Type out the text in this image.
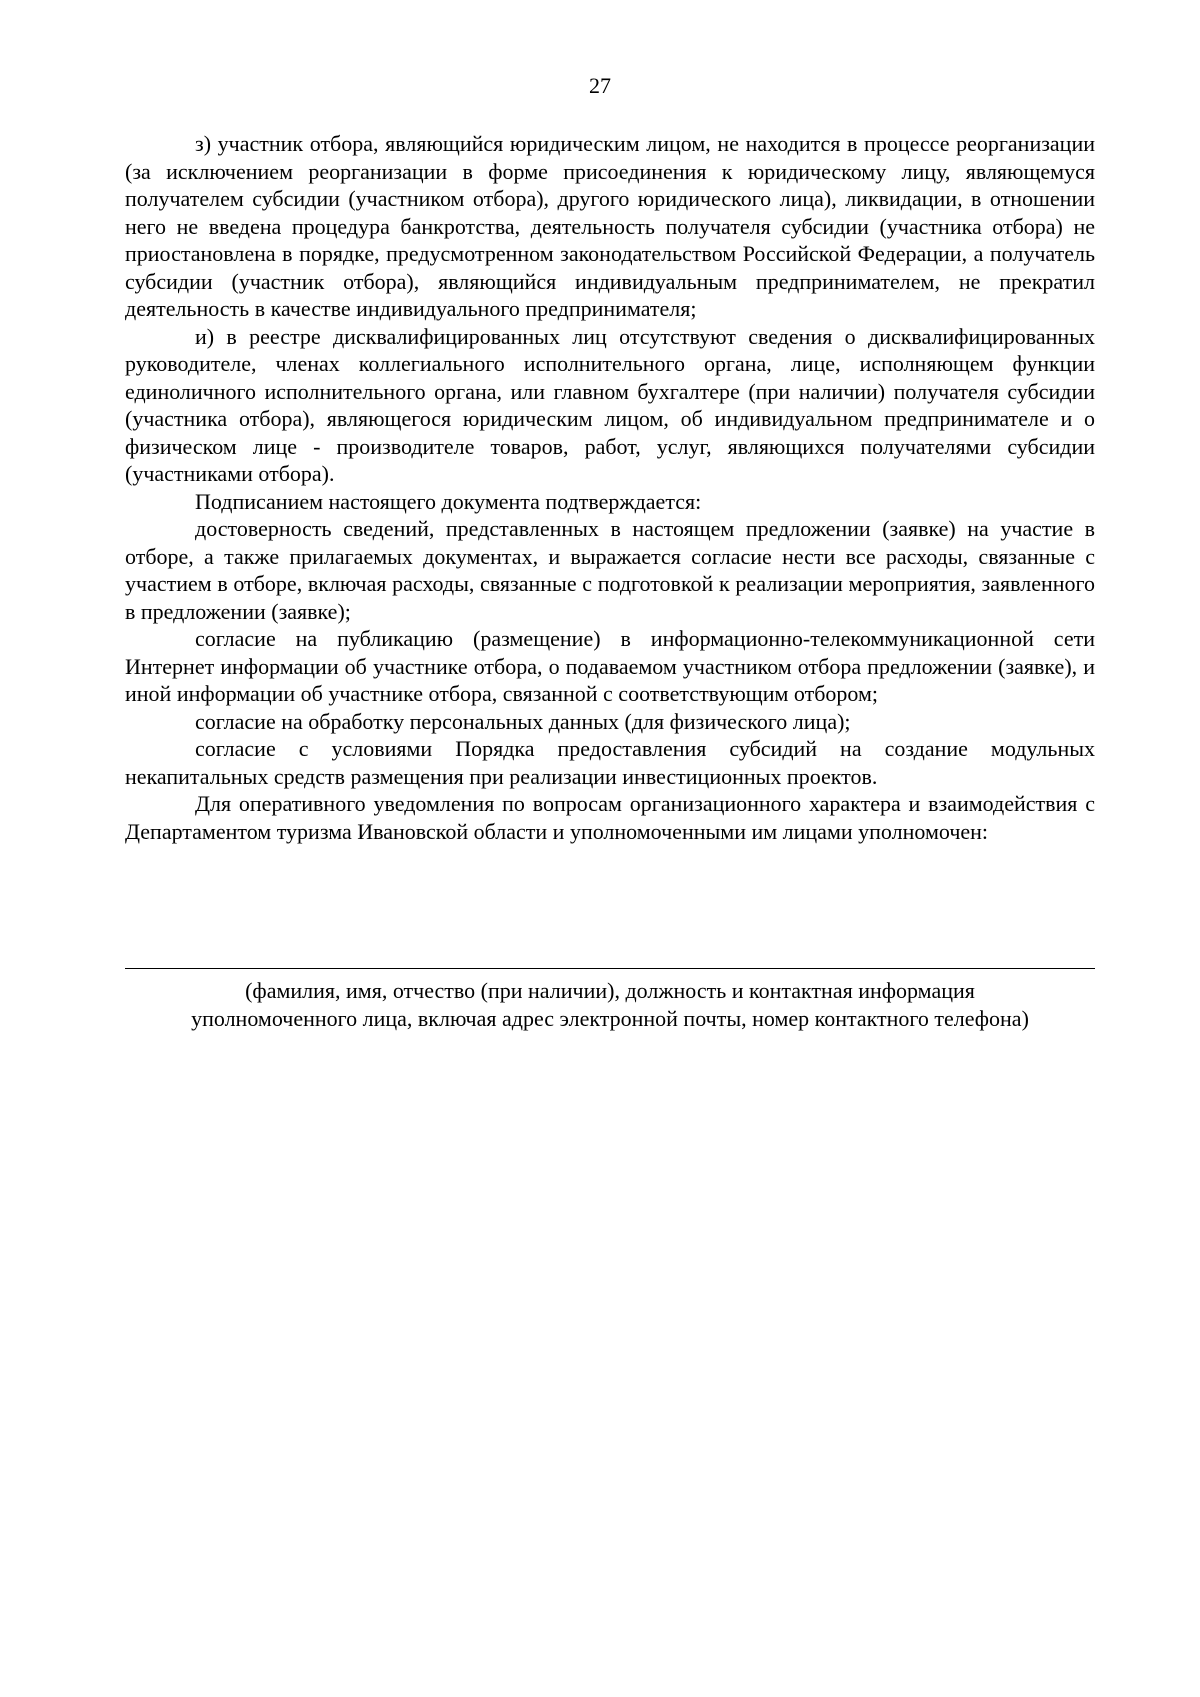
27

з) участник отбора, являющийся юридическим лицом, не находится в процессе реорганизации (за исключением реорганизации в форме присоединения к юридическому лицу, являющемуся получателем субсидии (участником отбора), другого юридического лица), ликвидации, в отношении него не введена процедура банкротства, деятельность получателя субсидии (участника отбора) не приостановлена в порядке, предусмотренном законодательством Российской Федерации, а получатель субсидии (участник отбора), являющийся индивидуальным предпринимателем, не прекратил деятельность в качестве индивидуального предпринимателя;

и) в реестре дисквалифицированных лиц отсутствуют сведения о дисквалифицированных руководителе, членах коллегиального исполнительного органа, лице, исполняющем функции единоличного исполнительного органа, или главном бухгалтере (при наличии) получателя субсидии (участника отбора), являющегося юридическим лицом, об индивидуальном предпринимателе и о физическом лице - производителе товаров, работ, услуг, являющихся получателями субсидии (участниками отбора).

Подписанием настоящего документа подтверждается:

достоверность сведений, представленных в настоящем предложении (заявке) на участие в отборе, а также прилагаемых документах, и выражается согласие нести все расходы, связанные с участием в отборе, включая расходы, связанные с подготовкой к реализации мероприятия, заявленного в предложении (заявке);

согласие на публикацию (размещение) в информационно-телекоммуникационной сети Интернет информации об участнике отбора, о подаваемом участником отбора предложении (заявке), и иной информации об участнике отбора, связанной с соответствующим отбором;

согласие на обработку персональных данных (для физического лица);

согласие с условиями Порядка предоставления субсидий на создание модульных некапитальных средств размещения при реализации инвестиционных проектов.

Для оперативного уведомления по вопросам организационного характера и взаимодействия с Департаментом туризма Ивановской области и уполномоченными им лицами уполномочен:

(фамилия, имя, отчество (при наличии), должность и контактная информация
уполномоченного лица, включая адрес электронной почты, номер контактного телефона)
